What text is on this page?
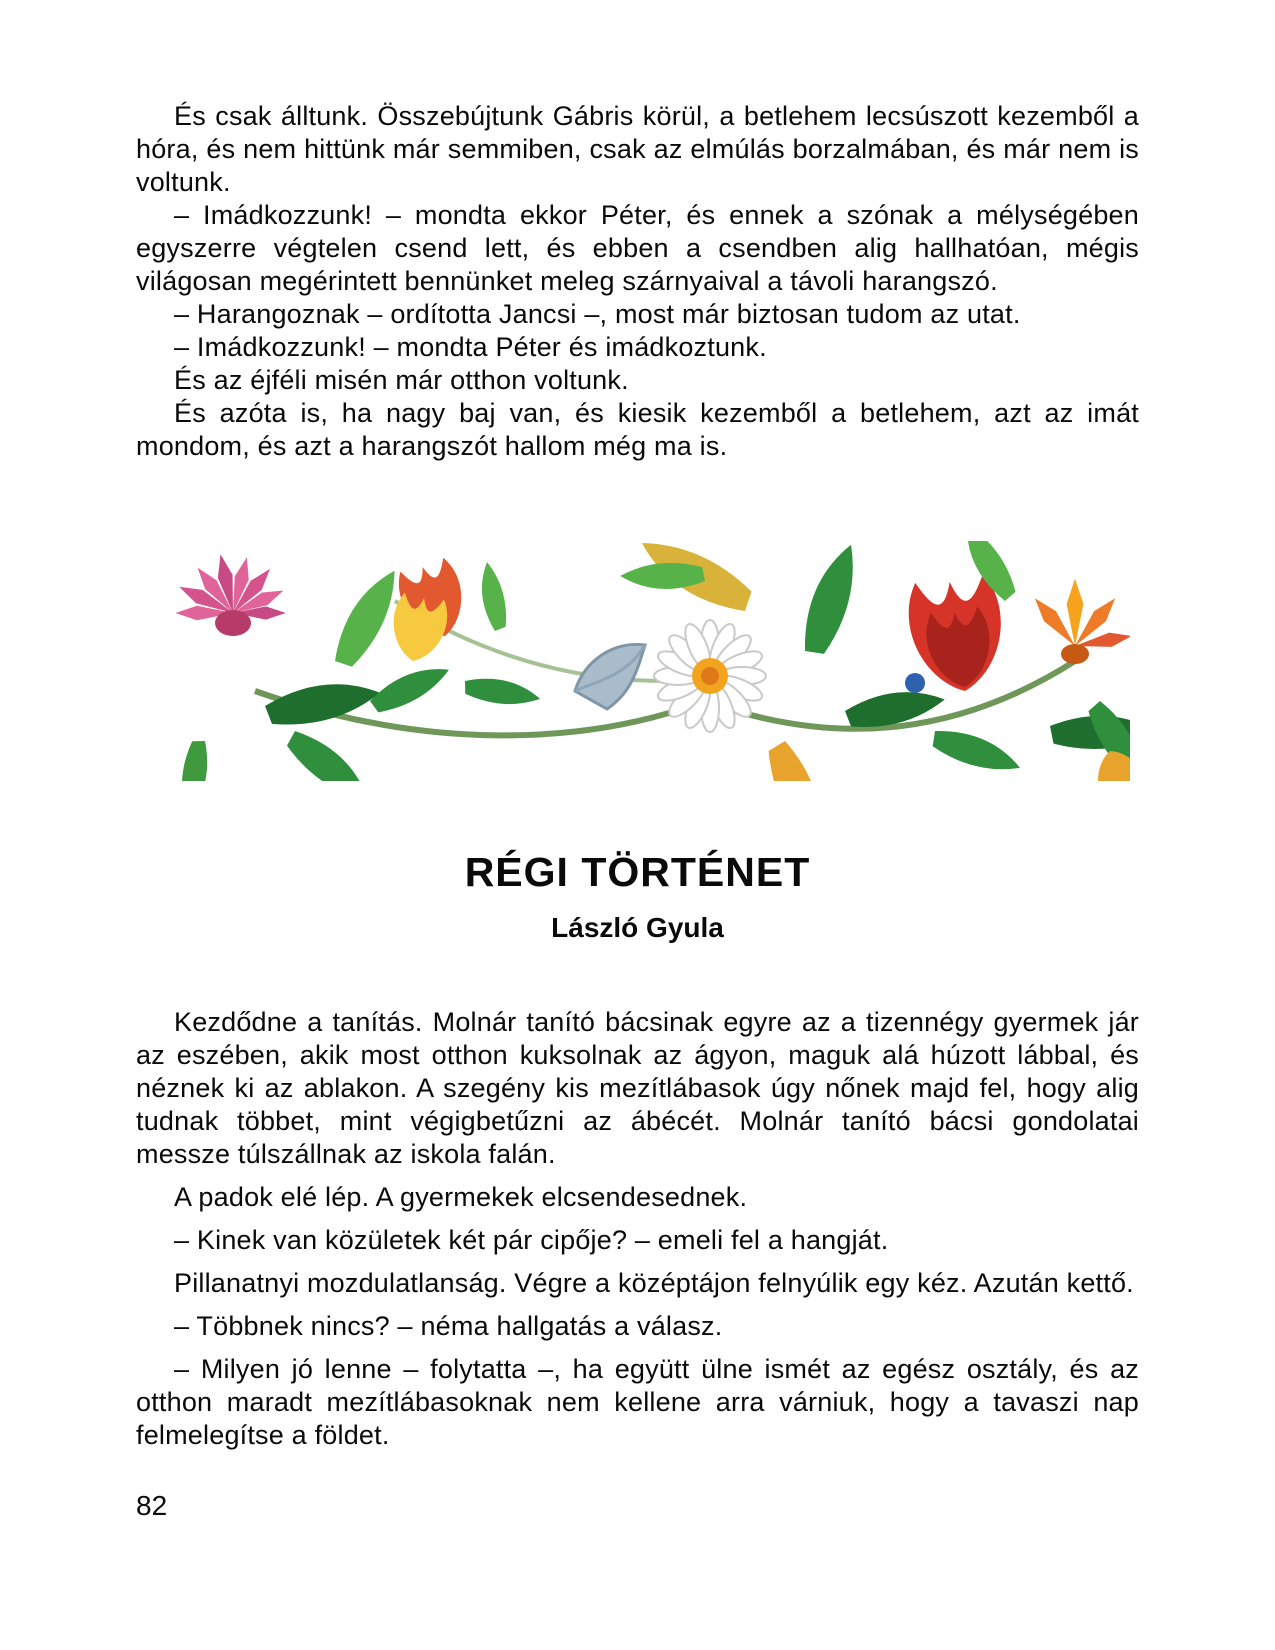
És csak álltunk. Összebújtunk Gábris körül, a betlehem lecsúszott kezemből a hóra, és nem hittünk már semmiben, csak az elmúlás borzalmában, és már nem is voltunk.

– Imádkozzunk! – mondta ekkor Péter, és ennek a szónak a mélységében egyszerre végtelen csend lett, és ebben a csendben alig hallhatóan, mégis világosan megérintett bennünket meleg szárnyaival a távoli harangszó.

– Harangoznak – ordította Jancsi –, most már biztosan tudom az utat.

– Imádkozzunk! – mondta Péter és imádkoztunk.

És az éjféli misén már otthon voltunk.

És azóta is, ha nagy baj van, és kiesik kezemből a betlehem, azt az imát mondom, és azt a harangszót hallom még ma is.

RÉGI TÖRTÉNET
László Gyula

Kezdődne a tanítás. Molnár tanító bácsinak egyre az a tizennégy gyermek jár az eszében, akik most otthon kuksolnak az ágyon, maguk alá húzott lábbal, és néznek ki az ablakon. A szegény kis mezítlábasok úgy nőnek majd fel, hogy alig tudnak többet, mint végigbetűzni az ábécét. Molnár tanító bácsi gondolatai messze túlszállnak az iskola falán.

A padok elé lép. A gyermekek elcsendesednek.

– Kinek van közületek két pár cipője? – emeli fel a hangját.

Pillanatnyi mozdulatlanság. Végre a középtájon felnyúlik egy kéz. Azután kettő.

– Többnek nincs? – néma hallgatás a válasz.

– Milyen jó lenne – folytatta –, ha együtt ülne ismét az egész osztály, és az otthon maradt mezítlábasoknak nem kellene arra várniuk, hogy a tavaszi nap felmelegítse a földet.

82
